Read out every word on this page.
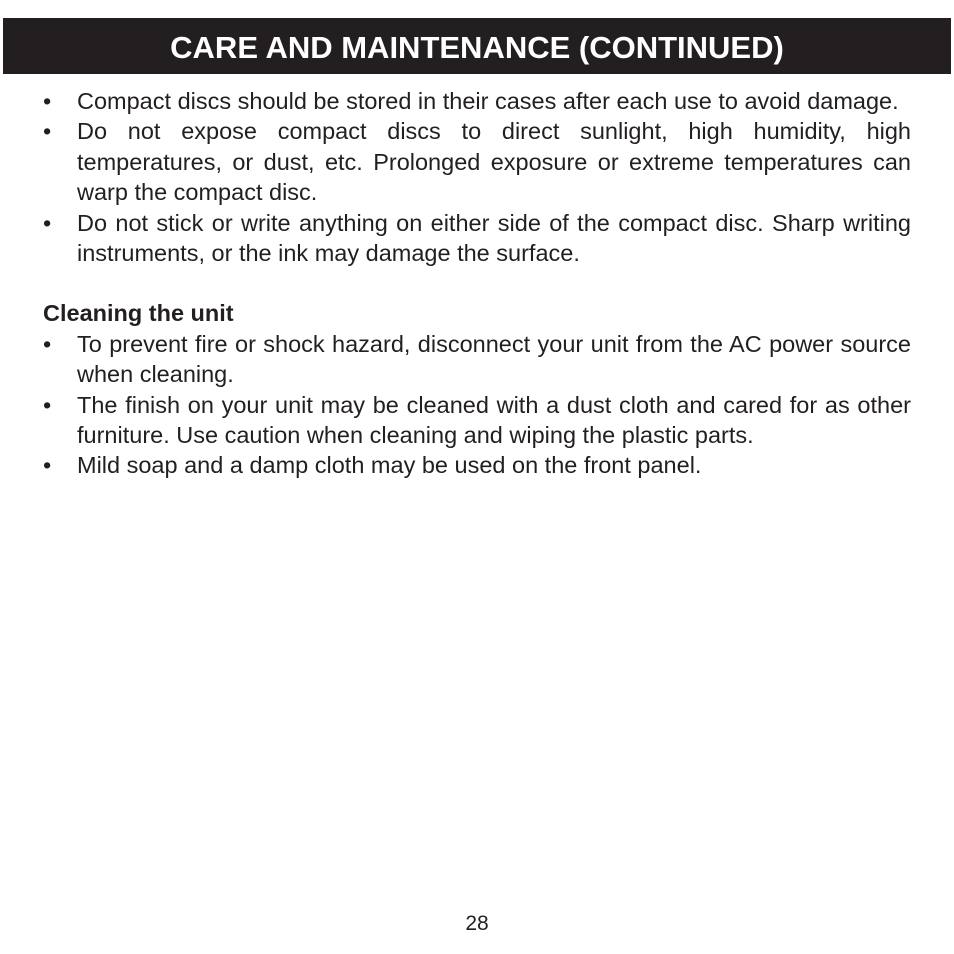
CARE AND MAINTENANCE (CONTINUED)
• Compact discs should be stored in their cases after each use to avoid damage.
• Do not expose compact discs to direct sunlight, high humidity, high temperatures, or dust, etc. Prolonged exposure or extreme temperatures can warp the compact disc.
• Do not stick or write anything on either side of the compact disc. Sharp writing instruments, or the ink may damage the surface.
Cleaning the unit
• To prevent fire or shock hazard, disconnect your unit from the AC power source when cleaning.
• The finish on your unit may be cleaned with a dust cloth and cared for as other furniture. Use caution when cleaning and wiping the plastic parts.
• Mild soap and a damp cloth may be used on the front panel.
28
